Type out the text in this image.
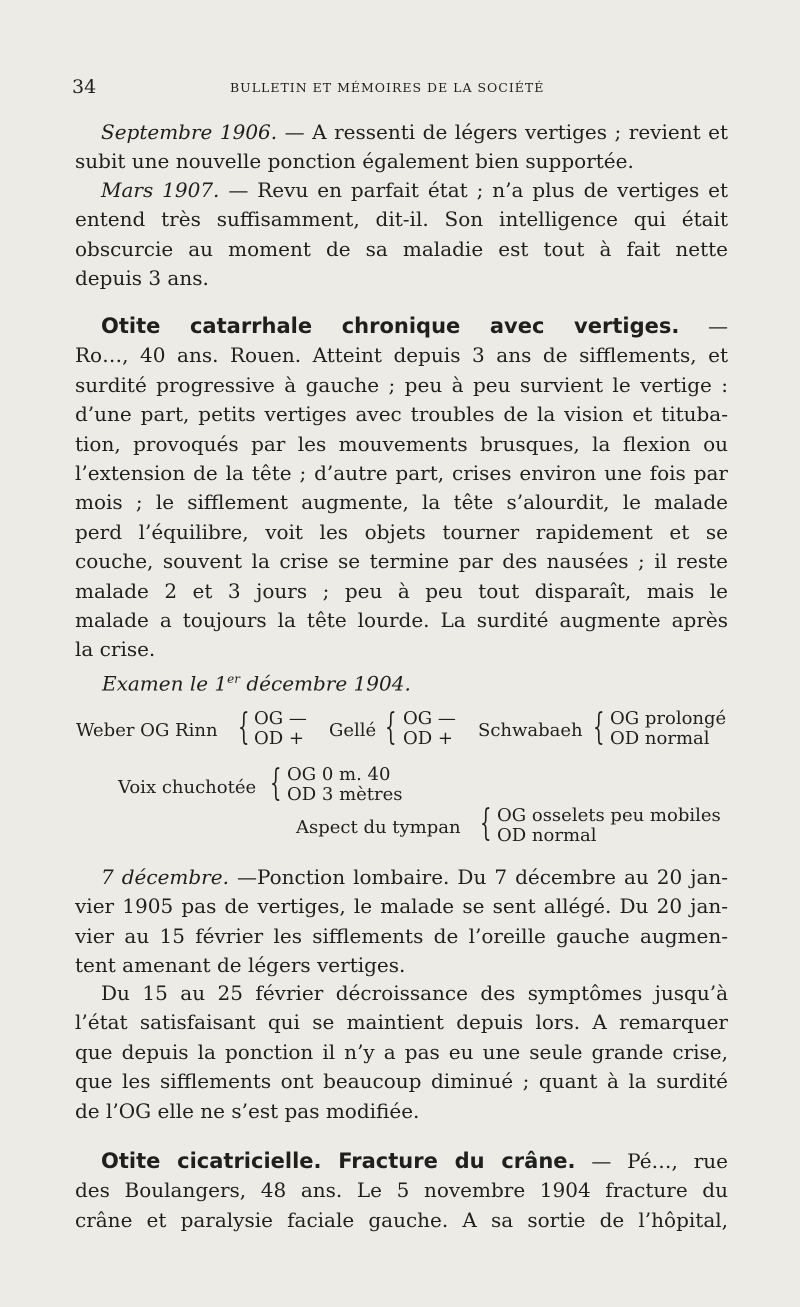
34	BULLETIN ET MÉMOIRES DE LA SOCIÉTÉ
Septembre 1906. — A ressenti de légers vertiges ; revient et
subit une nouvelle ponction également bien supportée.
Mars 1907. — Revu en parfait état ; n’a plus de vertiges et
entend très suffisamment, dit-il. Son intelligence qui était
obscurcie au moment de sa maladie est tout à fait nette
depuis 3 ans.
Otite catarrhale chronique avec vertiges. —
Ro…, 40 ans. Rouen. Atteint depuis 3 ans de sifflements, et
surdité progressive à gauche ; peu à peu survient le vertige :
d’une part, petits vertiges avec troubles de la vision et tituba-
tion, provoqués par les mouvements brusques, la flexion ou
l’extension de la tête ; d’autre part, crises environ une fois par
mois ; le sifflement augmente, la tête s’alourdit, le malade
perd l’équilibre, voit les objets tourner rapidement et se
couche, souvent la crise se termine par des nausées ; il reste
malade 2 et 3 jours ; peu à peu tout disparaît, mais le
malade a toujours la tête lourde. La surdité augmente après
la crise.
Examen le 1er décembre 1904.
Weber OG Rinn { OG —
OD + Gellé { OG —
OD + Schwabaeh { OG prolongé
OD normal
Voix chuchotée { OG 0 m. 40
OD 3 mètres
Aspect du tympan { OG osselets peu mobiles
OD normal
7 décembre. —Ponction lombaire. Du 7 décembre au 20 jan-
vier 1905 pas de vertiges, le malade se sent allégé. Du 20 jan-
vier au 15 février les sifflements de l’oreille gauche augmen-
tent amenant de légers vertiges.
Du 15 au 25 février décroissance des symptômes jusqu’à
l’état satisfaisant qui se maintient depuis lors. A remarquer
que depuis la ponction il n’y a pas eu une seule grande crise,
que les sifflements ont beaucoup diminué ; quant à la surdité
de l’OG elle ne s’est pas modifiée.
Otite cicatricielle. Fracture du crâne. — Pé…, rue
des Boulangers, 48 ans. Le 5 novembre 1904 fracture du
crâne et paralysie faciale gauche. A sa sortie de l’hôpital,
